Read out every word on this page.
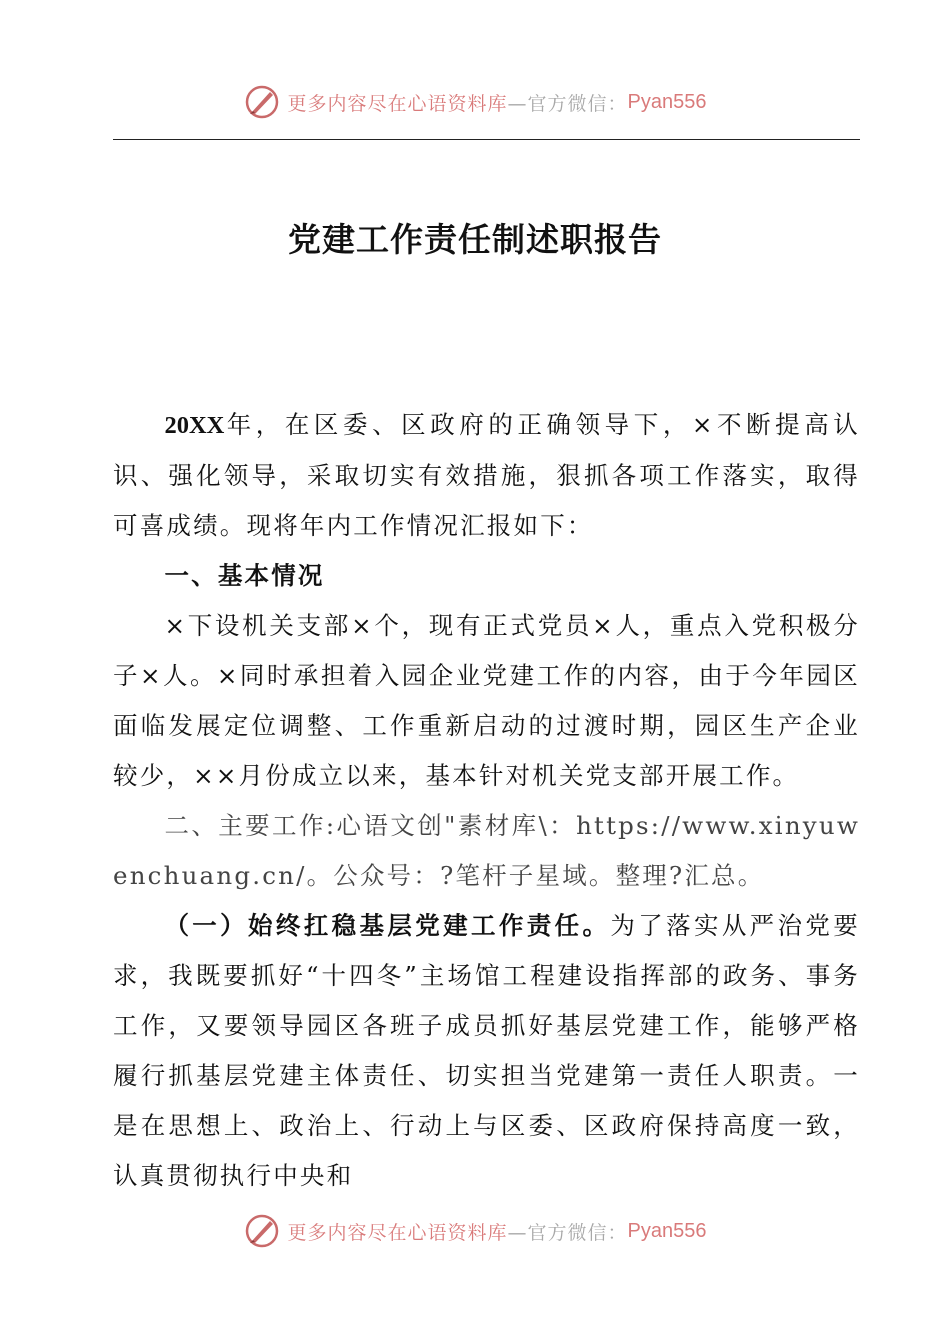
更多内容尽在心语资料库 —官方微信： Pyan556
党建工作责任制述职报告

20XX年，在区委、区政府的正确领导下，×不断提高认识、强化领导，采取切实有效措施，狠抓各项工作落实，取得可喜成绩。现将年内工作情况汇报如下：

一、基本情况

×下设机关支部×个，现有正式党员×人，重点入党积极分子×人。×同时承担着入园企业党建工作的内容，由于今年园区面临发展定位调整、工作重新启动的过渡时期，园区生产企业较少，××月份成立以来，基本针对机关党支部开展工作。

二、主要工作:心语文创"素材库\：https://www.xinyuwenchuang.cn/。公众号：?笔杆子星域。整理?汇总。

（一）始终扛稳基层党建工作责任。为了落实从严治党要求，我既要抓好“十四冬”主场馆工程建设指挥部的政务、事务工作，又要领导园区各班子成员抓好基层党建工作，能够严格履行抓基层党建主体责任、切实担当党建第一责任人职责。一是在思想上、政治上、行动上与区委、区政府保持高度一致，认真贯彻执行中央和

更多内容尽在心语资料库 —官方微信： Pyan556
